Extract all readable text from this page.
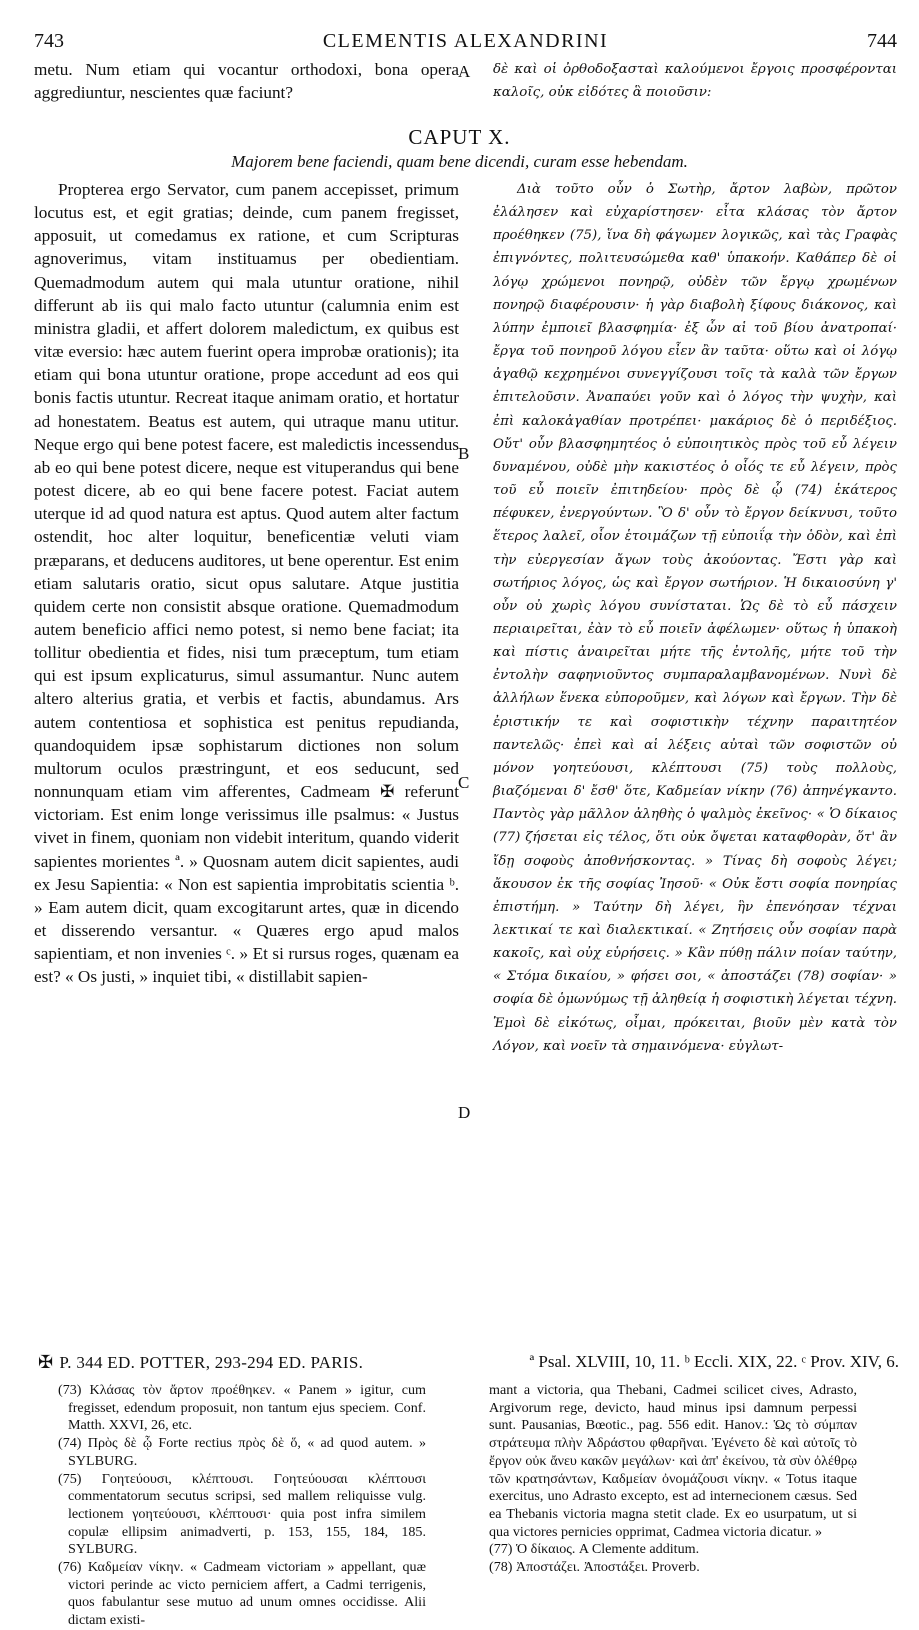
743	CLEMENTIS ALEXANDRINI	744
metu. Num etiam qui vocantur orthodoxi, bona opera aggrediuntur, nescientes quæ faciunt?
δὲ καὶ οἱ ὀρθοδοξασταὶ καλούμενοι ἔργοις προσφέρονται καλοῖς, οὐκ εἰδότες ἃ ποιοῦσιν:
A
CAPUT X.
Majorem bene faciendi, quam bene dicendi, curam esse hebendam.

Propterea ergo Servator, cum panem accepisset, primum locutus est, et egit gratias; deinde, cum panem fregisset, apposuit, ut comedamus ex ratione, et cum Scripturas agnoverimus, vitam instituamus per obedientiam. Quemadmodum autem qui mala utuntur oratione, nihil differunt ab iis qui malo facto utuntur (calumnia enim est ministra gladii, et affert dolorem maledictum, ex quibus est vitæ eversio: hæc autem fuerint opera improbæ orationis); ita etiam qui bona utuntur oratione, prope accedunt ad eos qui bonis factis utuntur. Recreat itaque animam oratio, et hortatur ad honestatem. Beatus est autem, qui utraque manu utitur. Neque ergo qui bene potest facere, est maledictis incessendus ab eo qui bene potest dicere, neque est vituperandus qui bene potest dicere, ab eo qui bene facere potest. Faciat autem uterque id ad quod natura est aptus. Quod autem alter factum ostendit, hoc alter loquitur, beneficentiæ veluti viam præparans, et deducens auditores, ut bene operentur. Est enim etiam salutaris oratio, sicut opus salutare. Atque justitia quidem certe non consistit absque oratione. Quemadmodum autem beneficio affici nemo potest, si nemo bene faciat; ita tollitur obedientia et fides, nisi tum præceptum, tum etiam qui est ipsum explicaturus, simul assumantur. Nunc autem altero alterius gratia, et verbis et factis, abundamus. Ars autem contentiosa et sophistica est penitus repudianda, quandoquidem ipsæ sophistarum dictiones non solum multorum oculos præstringunt, et eos seducunt, sed nonnunquam etiam vim afferentes, Cadmeam ✠ referunt victoriam. Est enim longe verissimus ille psalmus: « Justus vivet in finem, quoniam non videbit interitum, quando viderit sapientes morientes ª. » Quosnam autem dicit sapientes, audi ex Jesu Sapientia: « Non est sapientia improbitatis scientia ᵇ. » Eam autem dicit, quam excogitarunt artes, quæ in dicendo et disserendo versantur. « Quæres ergo apud malos sapientiam, et non invenies ᶜ. » Et si rursus roges, quænam ea est? « Os justi, » inquiet tibi, « distillabit sapien-

Διὰ τοῦτο οὖν ὁ Σωτὴρ, ἄρτον λαβὼν, πρῶτον ἐλάλησεν καὶ εὐχαρίστησεν· εἶτα κλάσας τὸν ἄρτον προέθηκεν (75), ἵνα δὴ φάγωμεν λογικῶς, καὶ τὰς Γραφὰς ἐπιγνόντες, πολιτευσώμεθα καθ' ὑπακοήν. Καθάπερ δὲ οἱ λόγῳ χρώμενοι πονηρῷ, οὐδὲν τῶν ἔργῳ χρωμένων πονηρῷ διαφέρουσιν· ἡ γὰρ διαβολὴ ξίφους διάκονος, καὶ λύπην ἐμποιεῖ βλασφημία· ἐξ ὧν αἱ τοῦ βίου ἀνατροπαί· ἔργα τοῦ πονηροῦ λόγου εἶεν ἂν ταῦτα· οὕτω καὶ οἱ λόγῳ ἀγαθῷ κεχρημένοι συνεγγίζουσι τοῖς τὰ καλὰ τῶν ἔργων ἐπιτελοῦσιν. Ἀναπαύει γοῦν καὶ ὁ λόγος τὴν ψυχὴν, καὶ ἐπὶ καλοκἀγαθίαν προτρέπει· μακάριος δὲ ὁ περιδέξιος. Οὔτ' οὖν βλασφημητέος ὁ εὐποιητικὸς πρὸς τοῦ εὖ λέγειν δυναμένου, οὐδὲ μὴν κακιστέος ὁ οἷός τε εὖ λέγειν, πρὸς τοῦ εὖ ποιεῖν ἐπιτηδείου· πρὸς δὲ ᾧ (74) ἑκάτερος πέφυκεν, ἐνεργούντων. Ὃ δ' οὖν τὸ ἔργον δείκνυσι, τοῦτο ἕτερος λαλεῖ, οἷον ἑτοιμάζων τῇ εὐποιΐᾳ τὴν ὁδὸν, καὶ ἐπὶ τὴν εὐεργεσίαν ἄγων τοὺς ἀκούοντας. Ἔστι γὰρ καὶ σωτήριος λόγος, ὡς καὶ ἔργον σωτήριον. Ἡ δικαιοσύνη γ' οὖν οὐ χωρὶς λόγου συνίσταται. Ὡς δὲ τὸ εὖ πάσχειν περιαιρεῖται, ἐὰν τὸ εὖ ποιεῖν ἀφέλωμεν· οὕτως ἡ ὑπακοὴ καὶ πίστις ἀναιρεῖται μήτε τῆς ἐντολῆς, μήτε τοῦ τὴν ἐντολὴν σαφηνιοῦντος συμπαραλαμβανομένων. Νυνὶ δὲ ἀλλήλων ἕνεκα εὐποροῦμεν, καὶ λόγων καὶ ἔργων. Τὴν δὲ ἐριστικήν τε καὶ σοφιστικὴν τέχνην παραιτητέον παντελῶς· ἐπεὶ καὶ αἱ λέξεις αὐταὶ τῶν σοφιστῶν οὐ μόνον γοητεύουσι, κλέπτουσι (75) τοὺς πολλοὺς, βιαζόμεναι δ' ἔσθ' ὅτε, Καδμείαν νίκην (76) ἀπηνέγκαντο. Παντὸς γὰρ μᾶλλον ἀληθὴς ὁ ψαλμὸς ἐκεῖνος· « Ὁ δίκαιος (77) ζήσεται εἰς τέλος, ὅτι οὐκ ὄψεται καταφθορὰν, ὅτ' ἂν ἴδῃ σοφοὺς ἀποθνήσκοντας. » Τίνας δὴ σοφοὺς λέγει; ἄκουσον ἐκ τῆς σοφίας Ἰησοῦ· « Οὐκ ἔστι σοφία πονηρίας ἐπιστήμη. » Ταύτην δὴ λέγει, ἣν ἐπενόησαν τέχναι λεκτικαί τε καὶ διαλεκτικαί. « Ζητήσεις οὖν σοφίαν παρὰ κακοῖς, καὶ οὐχ εὑρήσεις. » Κἂν πύθῃ πάλιν ποίαν ταύτην, « Στόμα δικαίου, » φήσει σοι, « ἀποστάζει (78) σοφίαν· » σοφία δὲ ὁμωνύμως τῇ ἀληθείᾳ ἡ σοφιστικὴ λέγεται τέχνη. Ἐμοὶ δὲ εἰκότως, οἶμαι, πρόκειται, βιοῦν μὲν κατὰ τὸν Λόγον, καὶ νοεῖν τὰ σημαινόμενα· εὐγλωτ-

B
C
D
✠ P. 344 ED. POTTER, 293-294 ED. PARIS.	ª Psal. XLVIII, 10, 11. ᵇ Eccli. XIX, 22. ᶜ Prov. XIV, 6.

(73) Κλάσας τὸν ἄρτον προέθηκεν. « Panem » igitur, cum fregisset, edendum proposuit, non tantum ejus speciem. Conf. Matth. XXVI, 26, etc.

(74) Πρὸς δὲ ᾧ Forte rectius πρὸς δὲ ὅ, « ad quod autem. » SYLBURG.

(75) Γοητεύουσι, κλέπτουσι. Γοητεύουσαι κλέπτουσι commentatorum secutus scripsi, sed mallem reliquisse vulg. lectionem γοητεύουσι, κλέπτουσι· quia post infra similem copulæ ellipsim animadverti, p. 153, 155, 184, 185. SYLBURG.

(76) Καδμείαν νίκην. « Cadmeam victoriam » appellant, quæ victori perinde ac victo perniciem affert, a Cadmi terrigenis, quos fabulantur sese mutuo ad unum omnes occidisse. Alii dictam existi-

mant a victoria, qua Thebani, Cadmei scilicet cives, Adrasto, Argivorum rege, devicto, haud minus ipsi damnum perpessi sunt. Pausanias, Bœotic., pag. 556 edit. Hanov.: Ὡς τὸ σύμπαν στράτευμα πλὴν Ἀδράστου φθαρῆναι. Ἐγένετο δὲ καὶ αὐτοῖς τὸ ἔργον οὐκ ἄνευ κακῶν μεγάλων· καὶ ἀπ' ἐκείνου, τὰ σὺν ὀλέθρῳ τῶν κρατησάντων, Καδμείαν ὀνομάζουσι νίκην. « Totus itaque exercitus, uno Adrasto excepto, est ad internecionem cæsus. Sed ea Thebanis victoria magna stetit clade. Ex eo usurpatum, ut si qua victores pernicies opprimat, Cadmea victoria dicatur. »

(77) Ὁ δίκαιος. A Clemente additum.

(78) Ἀποστάζει. Ἀποστάξει. Proverb.
